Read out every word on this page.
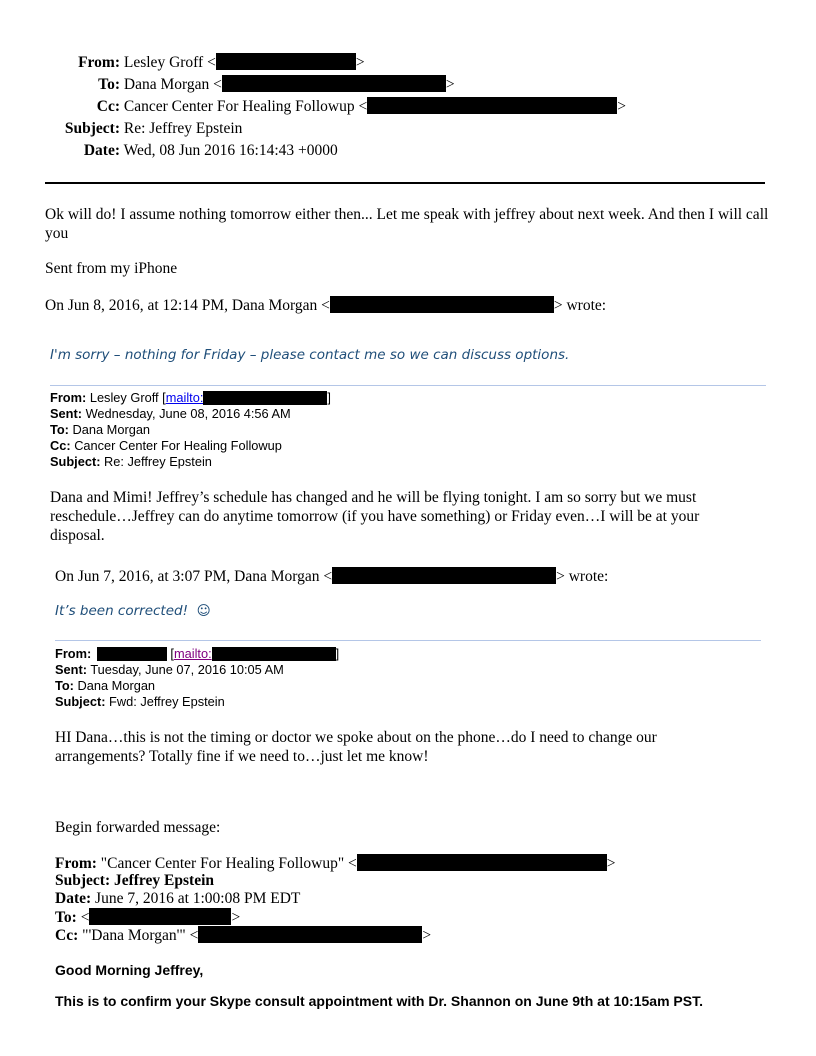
From: Lesley Groff <	>
To: Dana Morgan <	>
Cc: Cancer Center For Healing Followup <	>
Subject: Re: Jeffrey Epstein
Date: Wed, 08 Jun 2016 16:14:43 +0000
Ok will do! I assume nothing tomorrow either then... Let me speak with jeffrey about next week. And then I will call you
Sent from my iPhone
On Jun 8, 2016, at 12:14 PM, Dana Morgan <	> wrote:
I'm sorry – nothing for Friday – please contact me so we can discuss options.
From: Lesley Groff [mailto:	]
Sent: Wednesday, June 08, 2016 4:56 AM
To: Dana Morgan
Cc: Cancer Center For Healing Followup
Subject: Re: Jeffrey Epstein
Dana and Mimi! Jeffrey’s schedule has changed and he will be flying tonight. I am so sorry but we must reschedule…Jeffrey can do anytime tomorrow (if you have something) or Friday even…I will be at your disposal.
On Jun 7, 2016, at 3:07 PM, Dana Morgan <	> wrote:
It’s been corrected! ☺
From:	[mailto:	]
Sent: Tuesday, June 07, 2016 10:05 AM
To: Dana Morgan
Subject: Fwd: Jeffrey Epstein
HI Dana…this is not the timing or doctor we spoke about on the phone…do I need to change our arrangements? Totally fine if we need to…just let me know!
Begin forwarded message:
From: "Cancer Center For Healing Followup" <	>
Subject: Jeffrey Epstein
Date: June 7, 2016 at 1:00:08 PM EDT
To: <	>
Cc: "'Dana Morgan'" <	>
Good Morning Jeffrey,
This is to confirm your Skype consult appointment with Dr. Shannon on June 9th at 10:15am PST.
